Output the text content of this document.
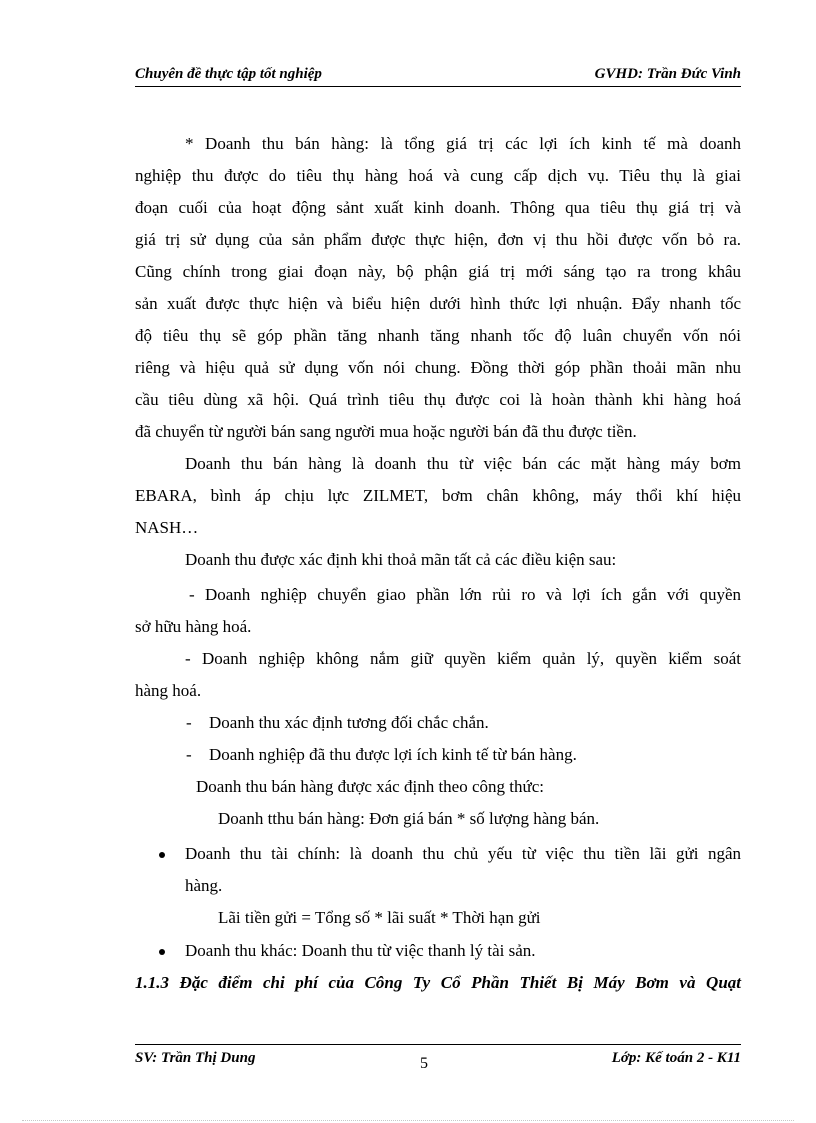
Chuyên đề thực tập tốt nghiệp	GVHD: Trần Đức Vinh
* Doanh thu bán hàng: là tổng giá trị các lợi ích kinh tế mà doanh
nghiệp thu được do tiêu thụ hàng hoá và cung cấp dịch vụ. Tiêu thụ là giai
đoạn cuối của hoạt động sảnt xuất kinh doanh. Thông qua tiêu thụ giá trị và
giá trị sử dụng của sản phẩm được thực hiện, đơn vị thu hồi được vốn bỏ ra.
Cũng chính trong giai đoạn này, bộ phận giá trị mới sáng tạo ra trong khâu
sản xuất được thực hiện và biểu hiện dưới hình thức lợi nhuận. Đẩy nhanh tốc
độ tiêu thụ sẽ góp phần tăng nhanh tăng nhanh tốc độ luân chuyển vốn nói
riêng và hiệu quả sử dụng vốn nói chung. Đồng thời góp phần thoải mãn nhu
cầu tiêu dùng xã hội. Quá trình tiêu thụ được coi là hoàn thành khi hàng hoá
đã chuyển từ người bán sang người mua hoặc người bán đã thu được tiền.
Doanh thu bán hàng là doanh thu từ việc bán các mặt hàng máy bơm
EBARA, bình áp chịu lực ZILMET, bơm chân không, máy thổi khí hiệu
NASH…
Doanh thu được xác định khi thoả mãn tất cả các điều kiện sau:
- Doanh nghiệp chuyển giao phần lớn rủi ro và lợi ích gắn với quyền
sở hữu hàng hoá.
- Doanh nghiệp không nắm giữ quyền kiểm quản lý, quyền kiểm soát
hàng hoá.
-	Doanh thu xác định tương đối chắc chắn.
-	Doanh nghiệp đã thu được lợi ích kinh tế từ bán hàng.
Doanh thu bán hàng được xác định theo công thức:
Doanh tthu bán hàng: Đơn giá bán * số lượng hàng bán.
Doanh thu tài chính: là doanh thu chủ yếu từ việc thu tiền lãi gửi ngân
hàng.
Lãi tiền gửi = Tổng số * lãi suất * Thời hạn gửi
Doanh thu khác: Doanh thu từ việc thanh lý tài sản.
1.1.3 Đặc điểm chi phí của Công Ty Cổ Phần Thiết Bị Máy Bơm và Quạt
SV: Trần Thị Dung	5	Lớp: Kế toán 2 - K11
